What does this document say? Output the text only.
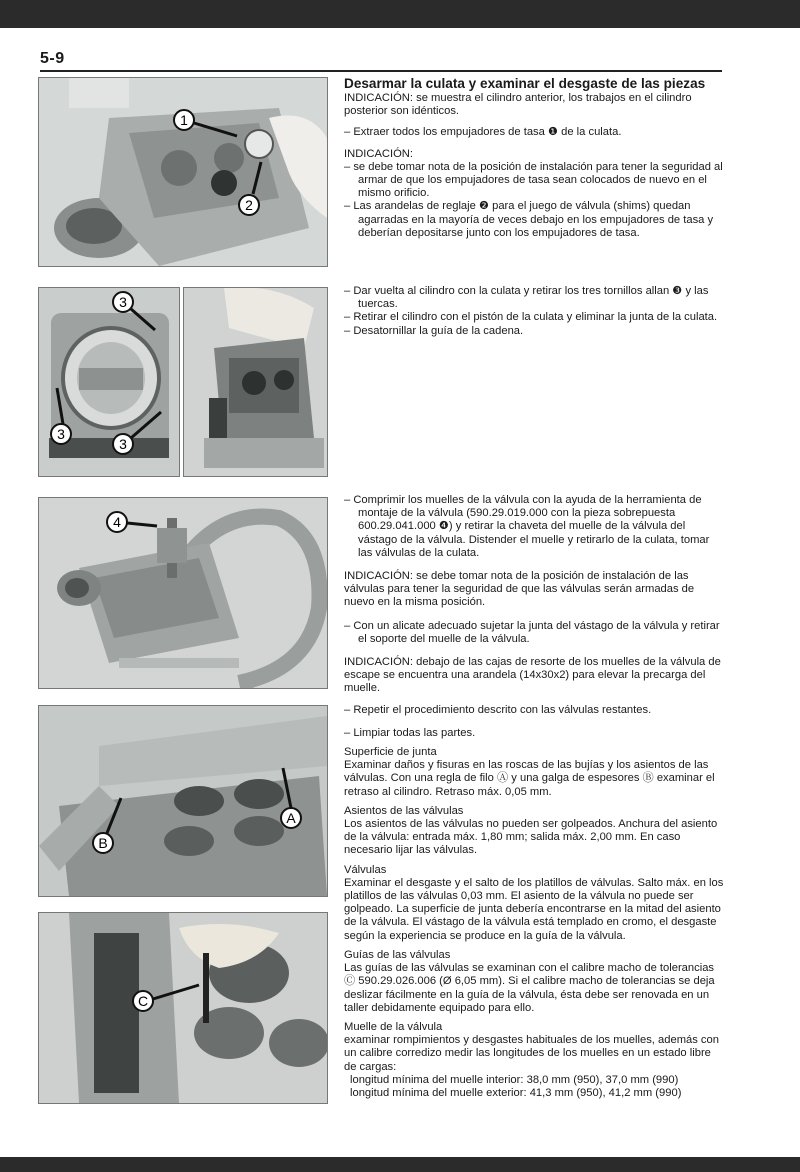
5-9
1
2
3
3
3
4
A
B
C

Desarmar la culata y examinar el desgaste de las piezas

INDICACIÓN: se muestra el cilindro anterior, los trabajos en el cilindro posterior son idénticos.

– Extraer todos los empujadores de tasa ❶ de la culata.

INDICACIÓN:

– se debe tomar nota de la posición de instalación para tener la seguridad al armar de que los empujadores de tasa sean colocados de nuevo en el mismo orificio.

– Las arandelas de reglaje ❷ para el juego de válvula (shims) quedan agarradas en la mayoría de veces debajo en los empujadores de tasa y deberían depositarse junto con los empujadores de tasa.

– Dar vuelta al cilindro con la culata y retirar los tres tornillos allan ❸ y las tuercas.

– Retirar el cilindro con el pistón de la culata y eliminar la junta de la culata.

– Desatornillar la guía de la cadena.

– Comprimir los muelles de la válvula con la ayuda de la herramienta de montaje de la válvula (590.29.019.000 con la pieza sobrepuesta 600.29.041.000 ❹) y retirar la chaveta del muelle de la válvula del vástago de la válvula. Distender el muelle y retirarlo de la culata, tomar las válvulas de la culata.

INDICACIÓN: se debe tomar nota de la posición de instalación de las válvulas para tener la seguridad de que las válvulas serán armadas de nuevo en la misma posición.

– Con un alicate adecuado sujetar la junta del vástago de la válvula y retirar el soporte del muelle de la válvula.

INDICACIÓN: debajo de las cajas de resorte de los muelles de la válvula de escape se encuentra una arandela (14x30x2) para elevar la precarga del muelle.

– Repetir el procedimiento descrito con las válvulas restantes.

– Limpiar todas las partes.

Superficie de junta

Examinar daños y fisuras en las roscas de las bujías y los asientos de las válvulas. Con una regla de filo Ⓐ y una galga de espesores Ⓑ examinar el retraso al cilindro. Retraso máx. 0,05 mm.

Asientos de las válvulas

Los asientos de las válvulas no pueden ser golpeados. Anchura del asiento de la válvula: entrada máx. 1,80 mm; salida máx. 2,00 mm. En caso necesario lijar las válvulas.

Válvulas

Examinar el desgaste y el salto de los platillos de válvulas. Salto máx. en los platillos de las válvulas 0,03 mm. El asiento de la válvula no puede ser golpeado. La superficie de junta debería encontrarse en la mitad del asiento de la válvula. El vástago de la válvula está templado en cromo, el desgaste según la experiencia se produce en la guía de la válvula.

Guías de las válvulas

Las guías de las válvulas se examinan con el calibre macho de tolerancias Ⓒ 590.29.026.006 (Ø 6,05 mm). Si el calibre macho de tolerancias se deja deslizar fácilmente en la guía de la válvula, ésta debe ser renovada en un taller debidamente equipado para ello.

Muelle de la válvula

examinar rompimientos y desgastes habituales de los muelles, además con un calibre corredizo medir las longitudes de los muelles en un estado libre de cargas:

longitud mínima del muelle interior: 38,0 mm (950), 37,0 mm (990)

longitud mínima del muelle exterior: 41,3 mm (950), 41,2 mm (990)
